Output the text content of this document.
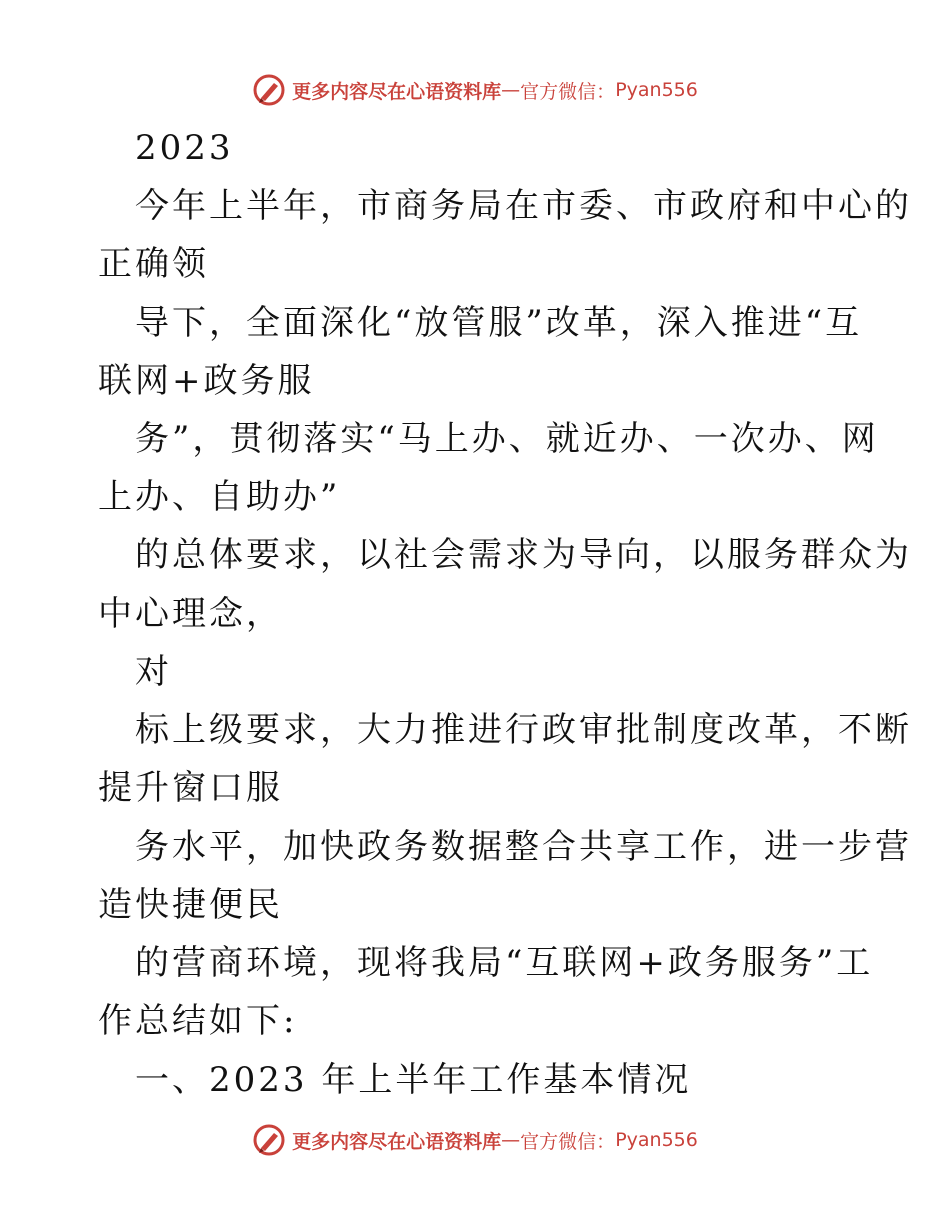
更多内容尽在心语资料库 — 官方微信： Pyan556
2023
今年上半年，市商务局在市委、市政府和中心的
正确领
导下，全面深化“放管服”改革，深入推进“互
联网+政务服
务”，贯彻落实“马上办、就近办、一次办、网
上办、自助办”
的总体要求，以社会需求为导向，以服务群众为
中心理念，
对
标上级要求，大力推进行政审批制度改革，不断
提升窗口服
务水平，加快政务数据整合共享工作，进一步营
造快捷便民
的营商环境，现将我局“互联网+政务服务”工
作总结如下:
一、2023 年上半年工作基本情况
更多内容尽在心语资料库 — 官方微信： Pyan556
